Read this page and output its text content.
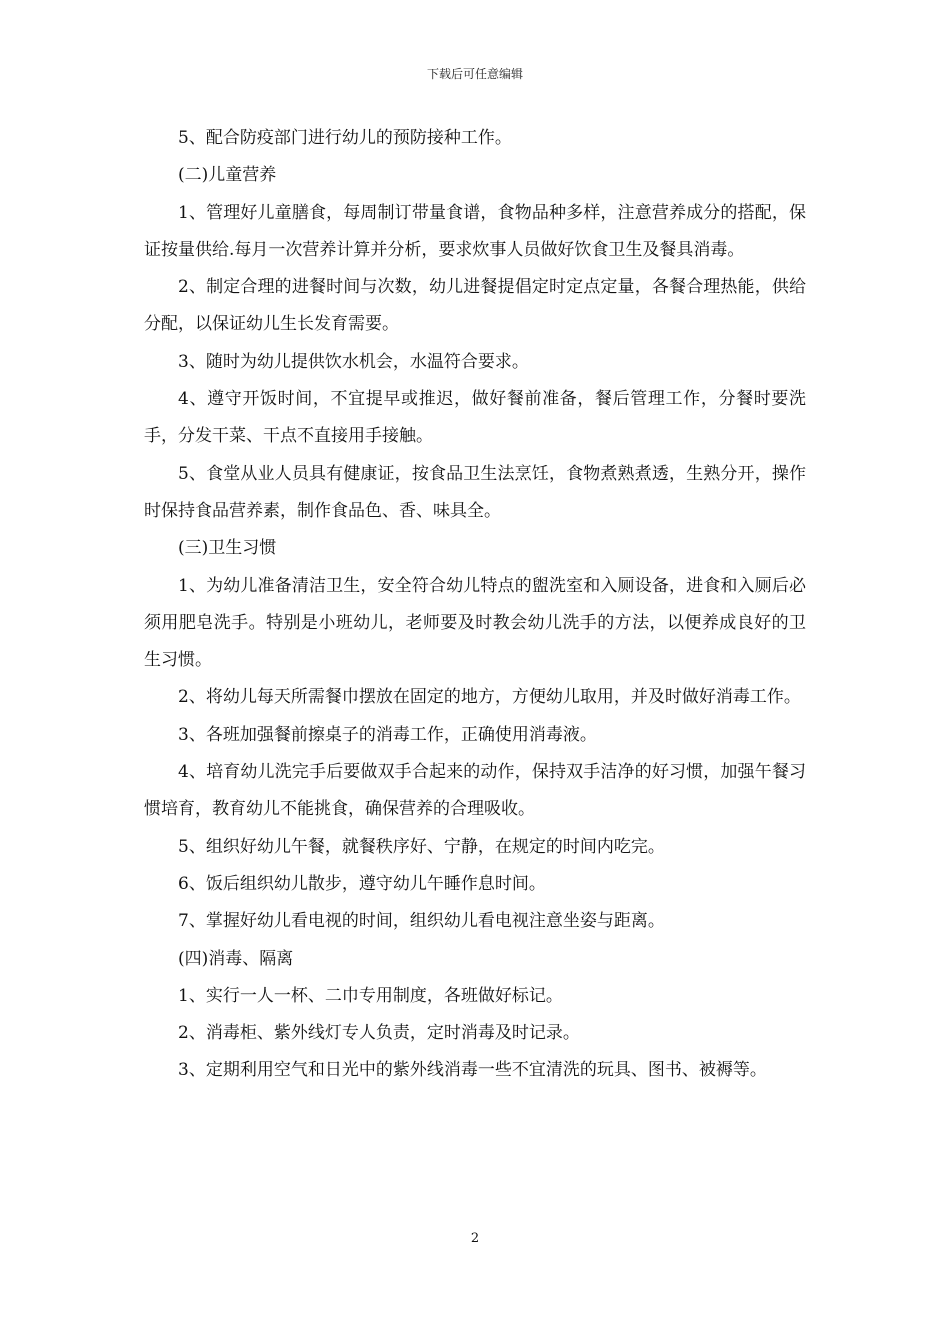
下载后可任意编辑

5、配合防疫部门进行幼儿的预防接种工作。

(二)儿童营养

1、管理好儿童膳食，每周制订带量食谱，食物品种多样，注意营养成分的搭配，保证按量供给.每月一次营养计算并分析，要求炊事人员做好饮食卫生及餐具消毒。

2、制定合理的进餐时间与次数，幼儿进餐提倡定时定点定量，各餐合理热能，供给分配，以保证幼儿生长发育需要。

3、随时为幼儿提供饮水机会，水温符合要求。

4、遵守开饭时间，不宜提早或推迟，做好餐前准备，餐后管理工作，分餐时要洗手，分发干菜、干点不直接用手接触。

5、食堂从业人员具有健康证，按食品卫生法烹饪，食物煮熟煮透，生熟分开，操作时保持食品营养素，制作食品色、香、味具全。

(三)卫生习惯

1、为幼儿准备清洁卫生，安全符合幼儿特点的盥洗室和入厕设备，进食和入厕后必须用肥皂洗手。特别是小班幼儿，老师要及时教会幼儿洗手的方法，以便养成良好的卫生习惯。

2、将幼儿每天所需餐巾摆放在固定的地方，方便幼儿取用，并及时做好消毒工作。

3、各班加强餐前擦桌子的消毒工作，正确使用消毒液。

4、培育幼儿洗完手后要做双手合起来的动作，保持双手洁净的好习惯，加强午餐习惯培育，教育幼儿不能挑食，确保营养的合理吸收。

5、组织好幼儿午餐，就餐秩序好、宁静，在规定的时间内吃完。

6、饭后组织幼儿散步，遵守幼儿午睡作息时间。

7、掌握好幼儿看电视的时间，组织幼儿看电视注意坐姿与距离。

(四)消毒、隔离

1、实行一人一杯、二巾专用制度，各班做好标记。

2、消毒柜、紫外线灯专人负责，定时消毒及时记录。

3、定期利用空气和日光中的紫外线消毒一些不宜清洗的玩具、图书、被褥等。

2
